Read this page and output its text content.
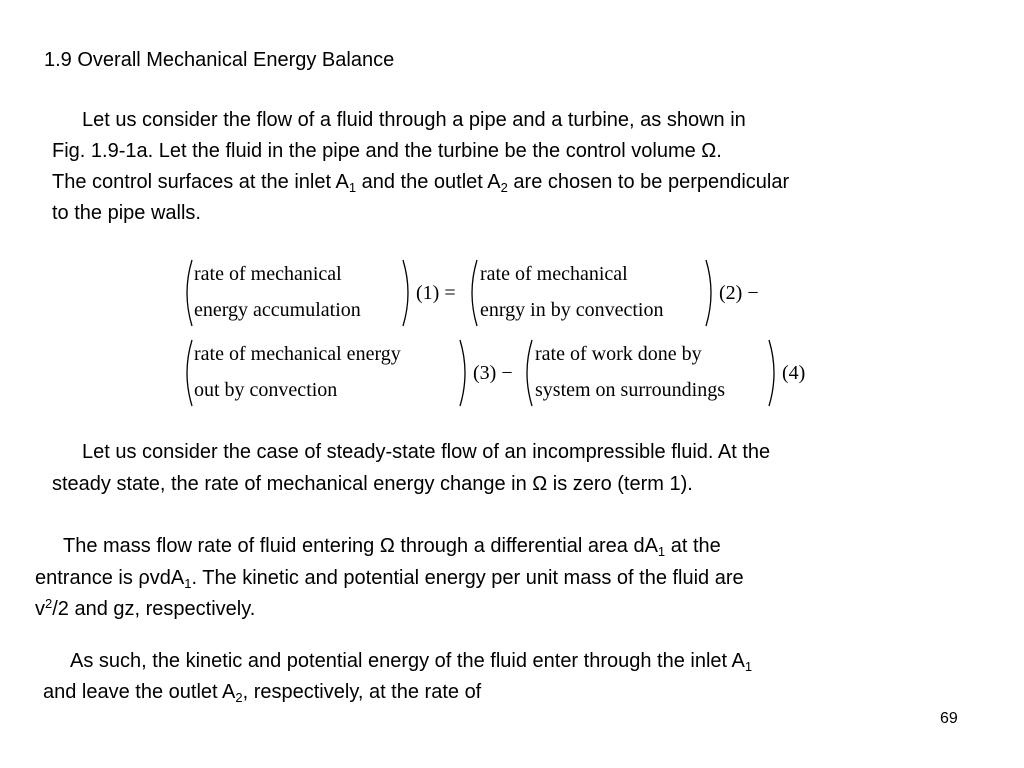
1.9 Overall Mechanical Energy Balance
Let us consider the flow of a fluid through a pipe and a turbine, as shown in
Fig. 1.9-1a. Let the fluid in the pipe and the turbine be the control volume Ω.
The control surfaces at the inlet $A_1$ and the outlet $A_2$ are chosen to be perpendicular
to the pipe walls.
rate of mechanical
energy accumulation
(1) =
rate of mechanical
enrgy in by convection
(2) −
rate of mechanical energy
out by convection
(3) −
rate of work done by
system on surroundings
(4)
Let us consider the case of steady-state flow of an incompressible fluid. At the
steady state, the rate of mechanical energy change in Ω is zero (term 1).
The mass flow rate of fluid entering Ω through a differential area $dA_1$ at the
entrance is ρvdA$_1$. The kinetic and potential energy per unit mass of the fluid are
$v^2/2$ and gz, respectively.
As such, the kinetic and potential energy of the fluid enter through the inlet $A_1$
and leave the outlet $A_2$, respectively, at the rate of
69
